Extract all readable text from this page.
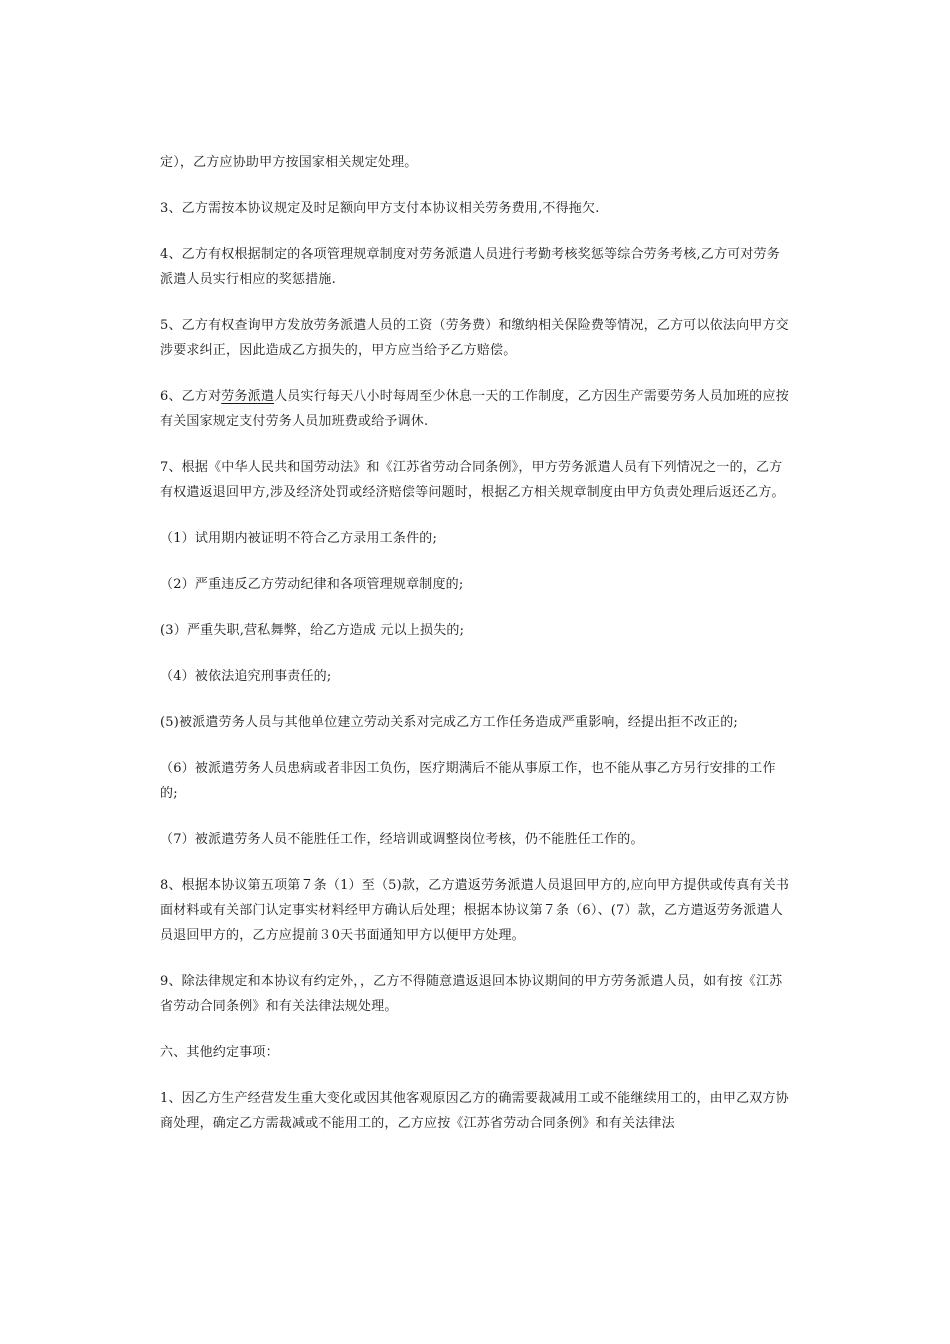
定），乙方应协助甲方按国家相关规定处理。

3、乙方需按本协议规定及时足额向甲方支付本协议相关劳务费用,不得拖欠.

4、乙方有权根据制定的各项管理规章制度对劳务派遣人员进行考勤考核奖惩等综合劳务考核,乙方可对劳务派遣人员实行相应的奖惩措施.

5、乙方有权查询甲方发放劳务派遣人员的工资（劳务费）和缴纳相关保险费等情况，乙方可以依法向甲方交涉要求纠正，因此造成乙方损失的，甲方应当给予乙方赔偿。

6、乙方对劳务派遣人员实行每天八小时每周至少休息一天的工作制度，乙方因生产需要劳务人员加班的应按有关国家规定支付劳务人员加班费或给予调休.

7、根据《中华人民共和国劳动法》和《江苏省劳动合同条例》，甲方劳务派遣人员有下列情况之一的，乙方有权遣返退回甲方,涉及经济处罚或经济赔偿等问题时，根据乙方相关规章制度由甲方负责处理后返还乙方。

（1）试用期内被证明不符合乙方录用工条件的;

（2）严重违反乙方劳动纪律和各项管理规章制度的;

(3）严重失职,营私舞弊，给乙方造成 元以上损失的;

（4）被依法追究刑事责任的;

(5)被派遣劳务人员与其他单位建立劳动关系对完成乙方工作任务造成严重影响，经提出拒不改正的;

（6）被派遣劳务人员患病或者非因工负伤，医疗期满后不能从事原工作，也不能从事乙方另行安排的工作的;

（7）被派遣劳务人员不能胜任工作，经培训或调整岗位考核，仍不能胜任工作的。

8、根据本协议第五项第７条（1）至（5)款，乙方遣返劳务派遣人员退回甲方的,应向甲方提供或传真有关书面材料或有关部门认定事实材料经甲方确认后处理；根据本协议第７条（6）、(7）款，乙方遣返劳务派遣人员退回甲方的，乙方应提前３0天书面通知甲方以便甲方处理。

9、除法律规定和本协议有约定外，，乙方不得随意遣返退回本协议期间的甲方劳务派遣人员，如有按《江苏省劳动合同条例》和有关法律法规处理。

六、其他约定事项：

1、因乙方生产经营发生重大变化或因其他客观原因乙方的确需要裁减用工或不能继续用工的，由甲乙双方协商处理，确定乙方需裁减或不能用工的，乙方应按《江苏省劳动合同条例》和有关法律法
